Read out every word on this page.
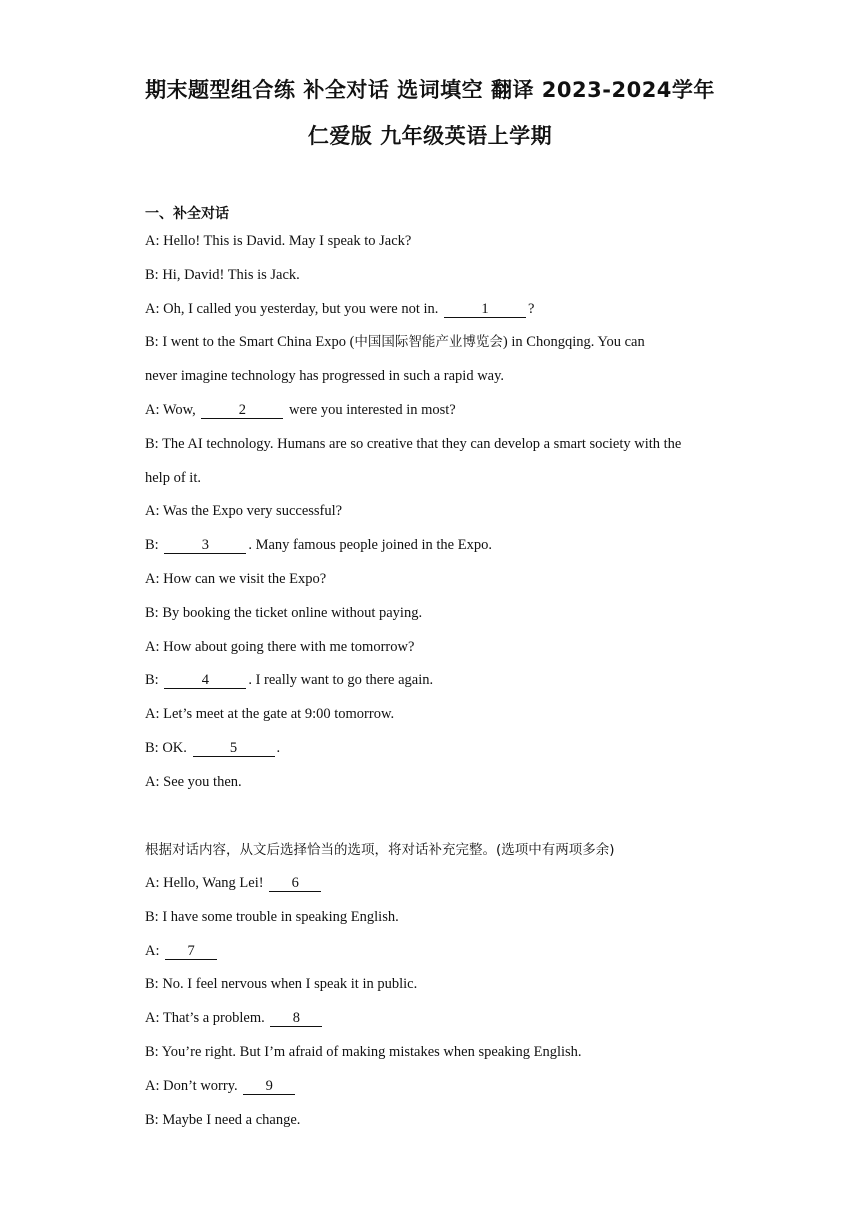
期末题型组合练 补全对话 选词填空 翻译 2023-2024学年
仁爱版 九年级英语上学期
一、补全对话
A: Hello! This is David. May I speak to Jack?
B: Hi, David! This is Jack.
A: Oh, I called you yesterday, but you were not in.	1	?
B: I went to the Smart China Expo (中国国际智能产业博览会) in Chongqing. You can
never imagine technology has progressed in such a rapid way.
A: Wow,	2	were you interested in most?
B: The AI technology. Humans are so creative that they can develop a smart society with the
help of it.
A: Was the Expo very successful?
B:	3	. Many famous people joined in the Expo.
A: How can we visit the Expo?
B: By booking the ticket online without paying.
A: How about going there with me tomorrow?
B:	4	. I really want to go there again.
A: Let’s meet at the gate at 9:00 tomorrow.
B: OK.	5	.
A: See you then.
根据对话内容，从文后选择恰当的选项，将对话补充完整。(选项中有两项多余)
A: Hello, Wang Lei! 6
B: I have some trouble in speaking English.
A: 7
B: No. I feel nervous when I speak it in public.
A: That’s a problem. 8
B: You’re right. But I’m afraid of making mistakes when speaking English.
A: Don’t worry. 9
B: Maybe I need a change.
